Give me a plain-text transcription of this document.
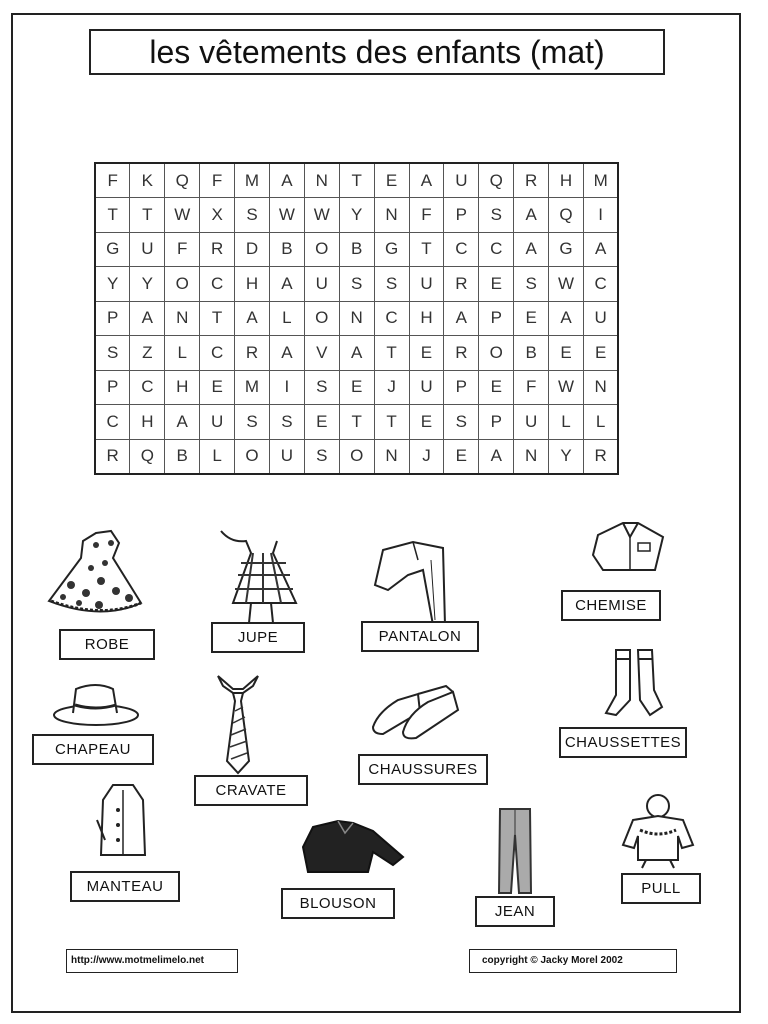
les vêtements des enfants (mat)
F	K	Q	F	M	A	N	T	E	A	U	Q	R	H	M
T	T	W	X	S	W	W	Y	N	F	P	S	A	Q	I
G	U	F	R	D	B	O	B	G	T	C	C	A	G	A
Y	Y	O	C	H	A	U	S	S	U	R	E	S	W	C
P	A	N	T	A	L	O	N	C	H	A	P	E	A	U
S	Z	L	C	R	A	V	A	T	E	R	O	B	E	E
P	C	H	E	M	I	S	E	J	U	P	E	F	W	N
C	H	A	U	S	S	E	T	T	E	S	P	U	L	L
R	Q	B	L	O	U	S	O	N	J	E	A	N	Y	R
ROBE	JUPE	PANTALON
CHEMISE
CHAPEAU
CRAVATE
CHAUSSURES
CHAUSSETTES
MANTEAU
BLOUSON	JEAN
PULL
http://www.motmelimelo.net	copyright © Jacky Morel 2002
